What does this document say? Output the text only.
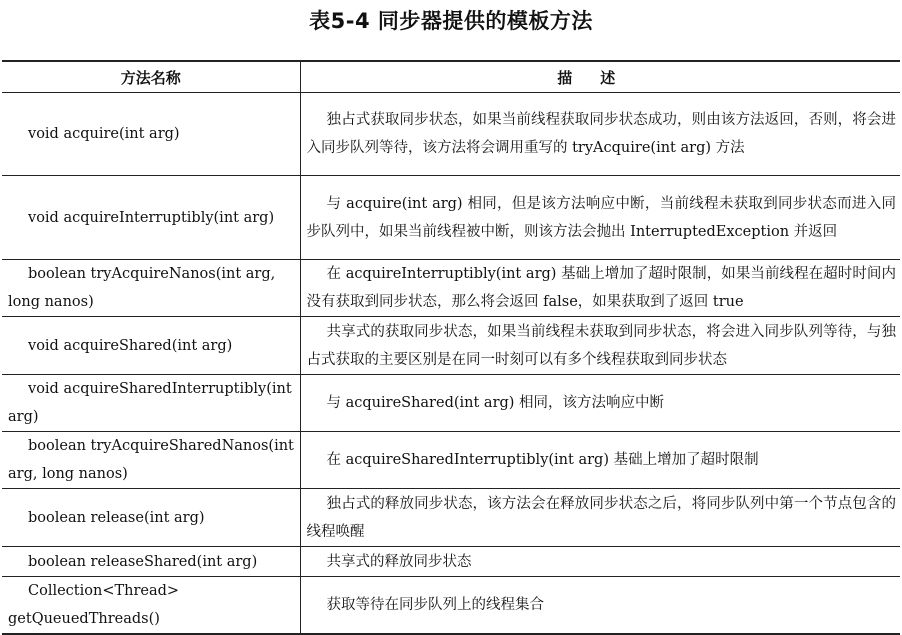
表5-4 同步器提供的模板方法
方法名称	描述
void acquire(int arg)	独占式获取同步状态，如果当前线程获取同步状态成功，则由该方法返回，否则，将会进入同步队列等待，该方法将会调用重写的 tryAcquire(int arg) 方法
void acquireInterruptibly(int arg)	与 acquire(int arg) 相同，但是该方法响应中断，当前线程未获取到同步状态而进入同步队列中，如果当前线程被中断，则该方法会抛出 InterruptedException 并返回
boolean tryAcquireNanos(int arg, long nanos)	在 acquireInterruptibly(int arg) 基础上增加了超时限制，如果当前线程在超时时间内没有获取到同步状态，那么将会返回 false，如果获取到了返回 true
void acquireShared(int arg)	共享式的获取同步状态，如果当前线程未获取到同步状态，将会进入同步队列等待，与独占式获取的主要区别是在同一时刻可以有多个线程获取到同步状态
void acquireSharedInterruptibly(int arg)	与 acquireShared(int arg) 相同，该方法响应中断
boolean tryAcquireSharedNanos(int arg, long nanos)	在 acquireSharedInterruptibly(int arg) 基础上增加了超时限制
boolean release(int arg)	独占式的释放同步状态，该方法会在释放同步状态之后，将同步队列中第一个节点包含的线程唤醒
boolean releaseShared(int arg)	共享式的释放同步状态
Collection<Thread> getQueuedThreads()	获取等待在同步队列上的线程集合
